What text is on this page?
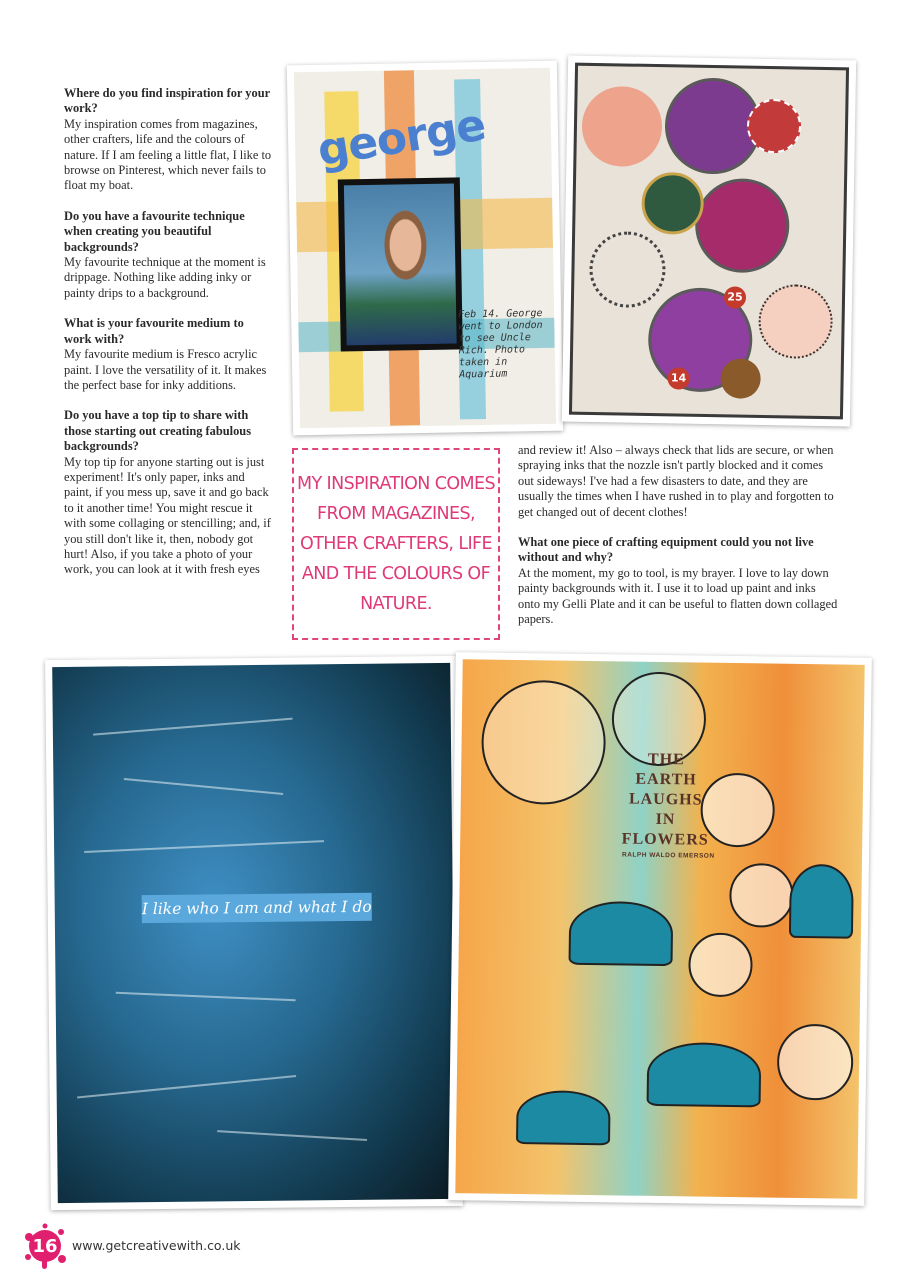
Where do you find inspiration for your work?
My inspiration comes from magazines, other crafters, life and the colours of nature. If I am feeling a little flat, I like to browse on Pinterest, which never fails to float my boat.
Do you have a favourite technique when creating you beautiful backgrounds?
My favourite technique at the moment is drippage. Nothing like adding inky or painty drips to a background.
What is your favourite medium to work with?
My favourite medium is Fresco acrylic paint. I love the versatility of it. It makes the perfect base for inky additions.
Do you have a top tip to share with those starting out creating fabulous backgrounds?
My top tip for anyone starting out is just experiment! It's only paper, inks and paint, if you mess up, save it and go back to it another time! You might rescue it with some collaging or stencilling; and, if you still don't like it, then, nobody got hurt! Also, if you take a photo of your work, you can look at it with fresh eyes
and review it! Also – always check that lids are secure, or when spraying inks that the nozzle isn't partly blocked and it comes out sideways! I've had a few disasters to date, and they are usually the times when I have rushed in to play and forgotten to get changed out of decent clothes!
What one piece of crafting equipment could you not live without and why?
At the moment, my go to tool, is my brayer. I love to lay down painty backgrounds with it. I use it to load up paint and inks onto my Gelli Plate and it can be useful to flatten down collaged papers.
MY INSPIRATION COMES FROM MAGAZINES, OTHER CRAFTERS, LIFE AND THE COLOURS OF NATURE.
george
Feb 14. George went to London to see Uncle Rich. Photo taken in Aquarium
25
14
I like who I am and what I do
THE
EARTH
LAUGHS
IN
FLOWERS
RALPH WALDO EMERSON
16	www.getcreativewith.co.uk
